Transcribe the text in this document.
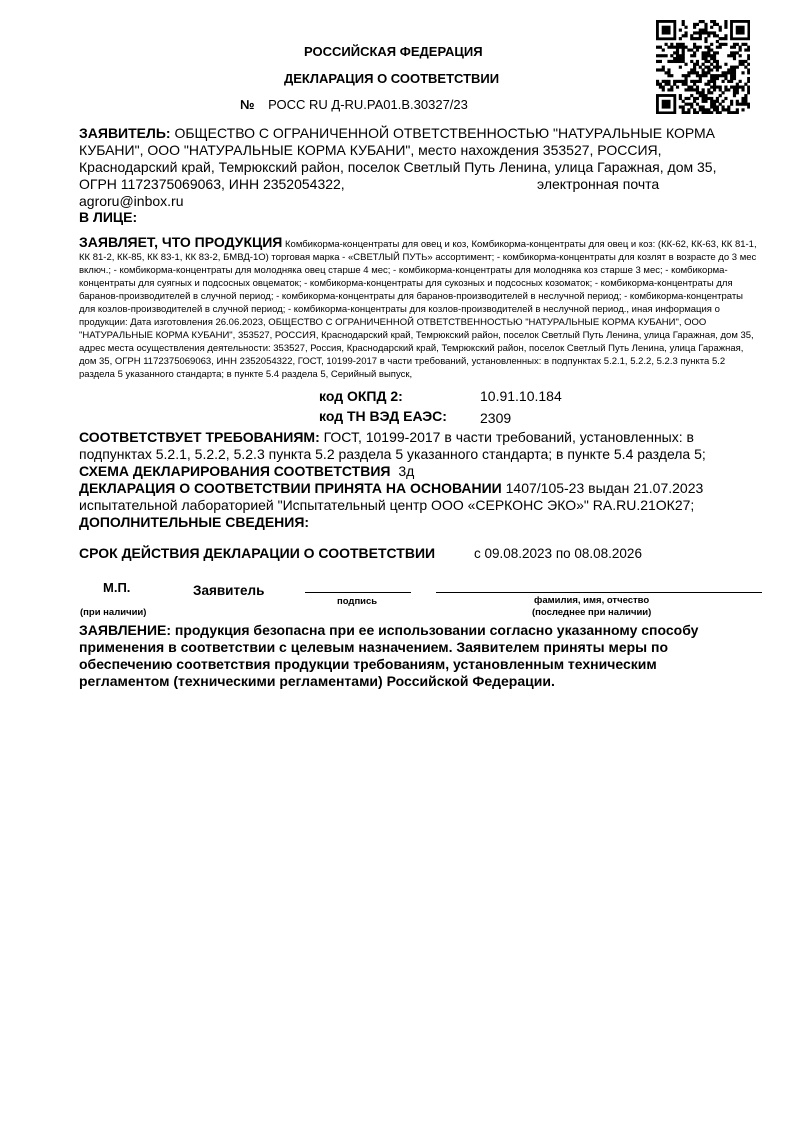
РОССИЙСКАЯ ФЕДЕРАЦИЯ
ДЕКЛАРАЦИЯ О СООТВЕТСТВИИ
№ РОСС RU Д-RU.PA01.B.30327/23
ЗАЯВИТЕЛЬ: ОБЩЕСТВО С ОГРАНИЧЕННОЙ ОТВЕТСТВЕННОСТЬЮ "НАТУРАЛЬНЫЕ КОРМА КУБАНИ", ООО "НАТУРАЛЬНЫЕ КОРМА КУБАНИ", место нахождения 353527, РОССИЯ, Краснодарский край, Темрюкский район, поселок Светлый Путь Ленина, улица Гаражная, дом 35,
ОГРН 1172375069063, ИНН 2352054322,	электронная почта
agroru@inbox.ru
В ЛИЦЕ:
ЗАЯВЛЯЕТ, ЧТО ПРОДУКЦИЯ Комбикорма-концентраты для овец и коз, Комбикорма-концентраты для овец и коз: (КК-62, КК-63, КК 81-1, КК 81-2, КК-85, КК 83-1, КК 83-2, БМВД-1О) торговая марка - «СВЕТЛЫЙ ПУТЬ» ассортимент; - комбикорма-концентраты для козлят в возрасте до 3 мес включ.; - комбикорма-концентраты для молодняка овец старше 4 мес; - комбикорма-концентраты для молодняка коз старше 3 мес; - комбикорма-концентраты для суягных и подсосных овцематок; - комбикорма-концентраты для сукозных и подсосных козоматок; - комбикорма-концентраты для баранов-производителей в случной период; - комбикорма-концентраты для баранов-производителей в неслучной период; - комбикорма-концентраты для козлов-производителей в случной период; - комбикорма-концентраты для козлов-производителей в неслучной период., иная информация о продукции: Дата изготовления 26.06.2023, ОБЩЕСТВО С ОГРАНИЧЕННОЙ ОТВЕТСТВЕННОСТЬЮ "НАТУРАЛЬНЫЕ КОРМА КУБАНИ", ООО "НАТУРАЛЬНЫЕ КОРМА КУБАНИ", 353527, РОССИЯ, Краснодарский край, Темрюкский район, поселок Светлый Путь Ленина, улица Гаражная, дом 35, адрес места осуществления деятельности: 353527, Россия, Краснодарский край, Темрюкский район, поселок Светлый Путь Ленина, улица Гаражная, дом 35, ОГРН 1172375069063, ИНН 2352054322, ГОСТ, 10199-2017 в части требований, установленных: в подпунктах 5.2.1, 5.2.2, 5.2.3 пункта 5.2 раздела 5 указанного стандарта; в пункте 5.4 раздела 5, Серийный выпуск,
код ОКПД 2:	10.91.10.184
код ТН ВЭД ЕАЭС: 2309
СООТВЕТСТВУЕТ ТРЕБОВАНИЯМ: ГОСТ, 10199-2017 в части требований, установленных: в подпунктах 5.2.1, 5.2.2, 5.2.3 пункта 5.2 раздела 5 указанного стандарта; в пункте 5.4 раздела 5;
СХЕМА ДЕКЛАРИРОВАНИЯ СООТВЕТСТВИЯ 3д
ДЕКЛАРАЦИЯ О СООТВЕТСТВИИ ПРИНЯТА НА ОСНОВАНИИ 1407/105-23 выдан 21.07.2023 испытательной лабораторией "Испытательный центр ООО «СЕРКОНС ЭКО»" RA.RU.21ОК27;
ДОПОЛНИТЕЛЬНЫЕ СВЕДЕНИЯ:
СРОК ДЕЙСТВИЯ ДЕКЛАРАЦИИ О СООТВЕТСТВИИ	с 09.08.2023 по 08.08.2026
М.П.
(при наличии)
Заявитель
подпись	фамилия, имя, отчество
(последнее при наличии)
ЗАЯВЛЕНИЕ: продукция безопасна при ее использовании согласно указанному способу применения в соответствии с целевым назначением. Заявителем приняты меры по обеспечению соответствия продукции требованиям, установленным техническим регламентом (техническими регламентами) Российской Федерации.
